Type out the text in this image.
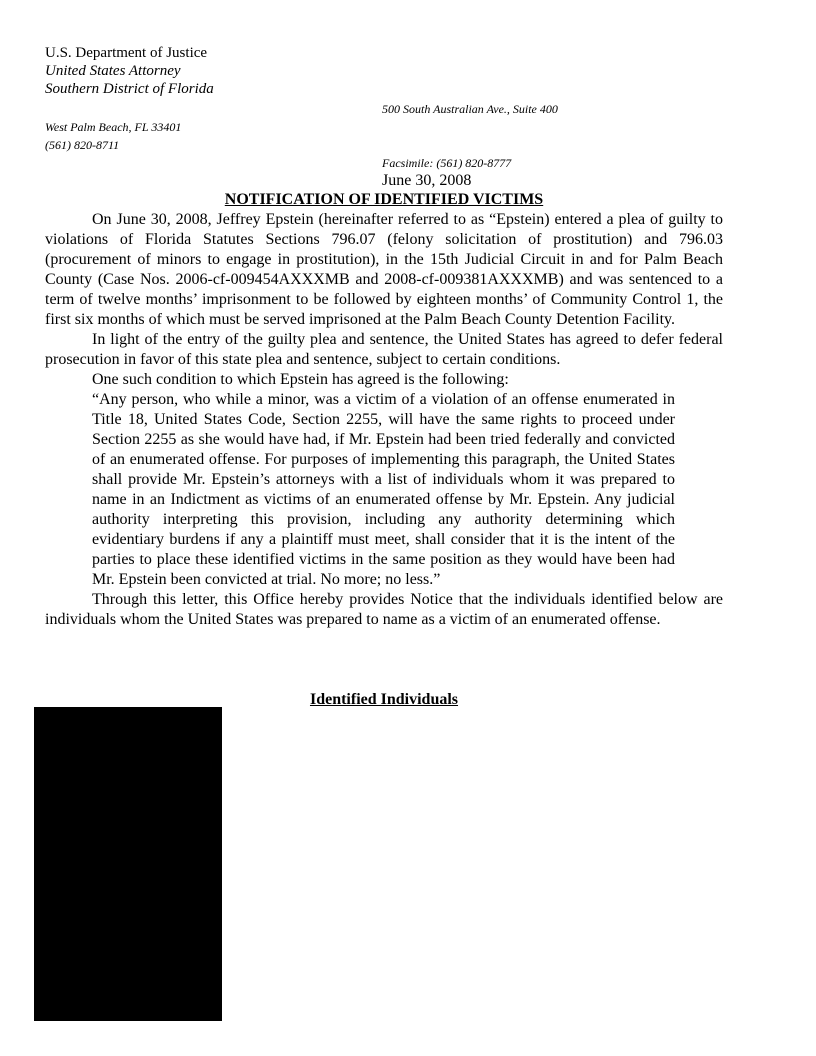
U.S. Department of Justice
United States Attorney
Southern District of Florida
500 South Australian Ave., Suite 400
West Palm Beach, FL 33401
(561) 820-8711
Facsimile: (561) 820-8777
June 30, 2008
NOTIFICATION OF IDENTIFIED VICTIMS

On June 30, 2008, Jeffrey Epstein (hereinafter referred to as “Epstein) entered a plea of guilty to violations of Florida Statutes Sections 796.07 (felony solicitation of prostitution) and 796.03 (procurement of minors to engage in prostitution), in the 15th Judicial Circuit in and for Palm Beach County (Case Nos. 2006-cf-009454AXXXMB and 2008-cf-009381AXXXMB) and was sentenced to a term of twelve months’ imprisonment to be followed by eighteen months’ of Community Control 1, the first six months of which must be served imprisoned at the Palm Beach County Detention Facility.

In light of the entry of the guilty plea and sentence, the United States has agreed to defer federal prosecution in favor of this state plea and sentence, subject to certain conditions.

One such condition to which Epstein has agreed is the following:

“Any person, who while a minor, was a victim of a violation of an offense enumerated in Title 18, United States Code, Section 2255, will have the same rights to proceed under Section 2255 as she would have had, if Mr. Epstein had been tried federally and convicted of an enumerated offense. For purposes of implementing this paragraph, the United States shall provide Mr. Epstein’s attorneys with a list of individuals whom it was prepared to name in an Indictment as victims of an enumerated offense by Mr. Epstein. Any judicial authority interpreting this provision, including any authority determining which evidentiary burdens if any a plaintiff must meet, shall consider that it is the intent of the parties to place these identified victims in the same position as they would have been had Mr. Epstein been convicted at trial. No more; no less.”

Through this letter, this Office hereby provides Notice that the individuals identified below are individuals whom the United States was prepared to name as a victim of an enumerated offense.

Identified Individuals
